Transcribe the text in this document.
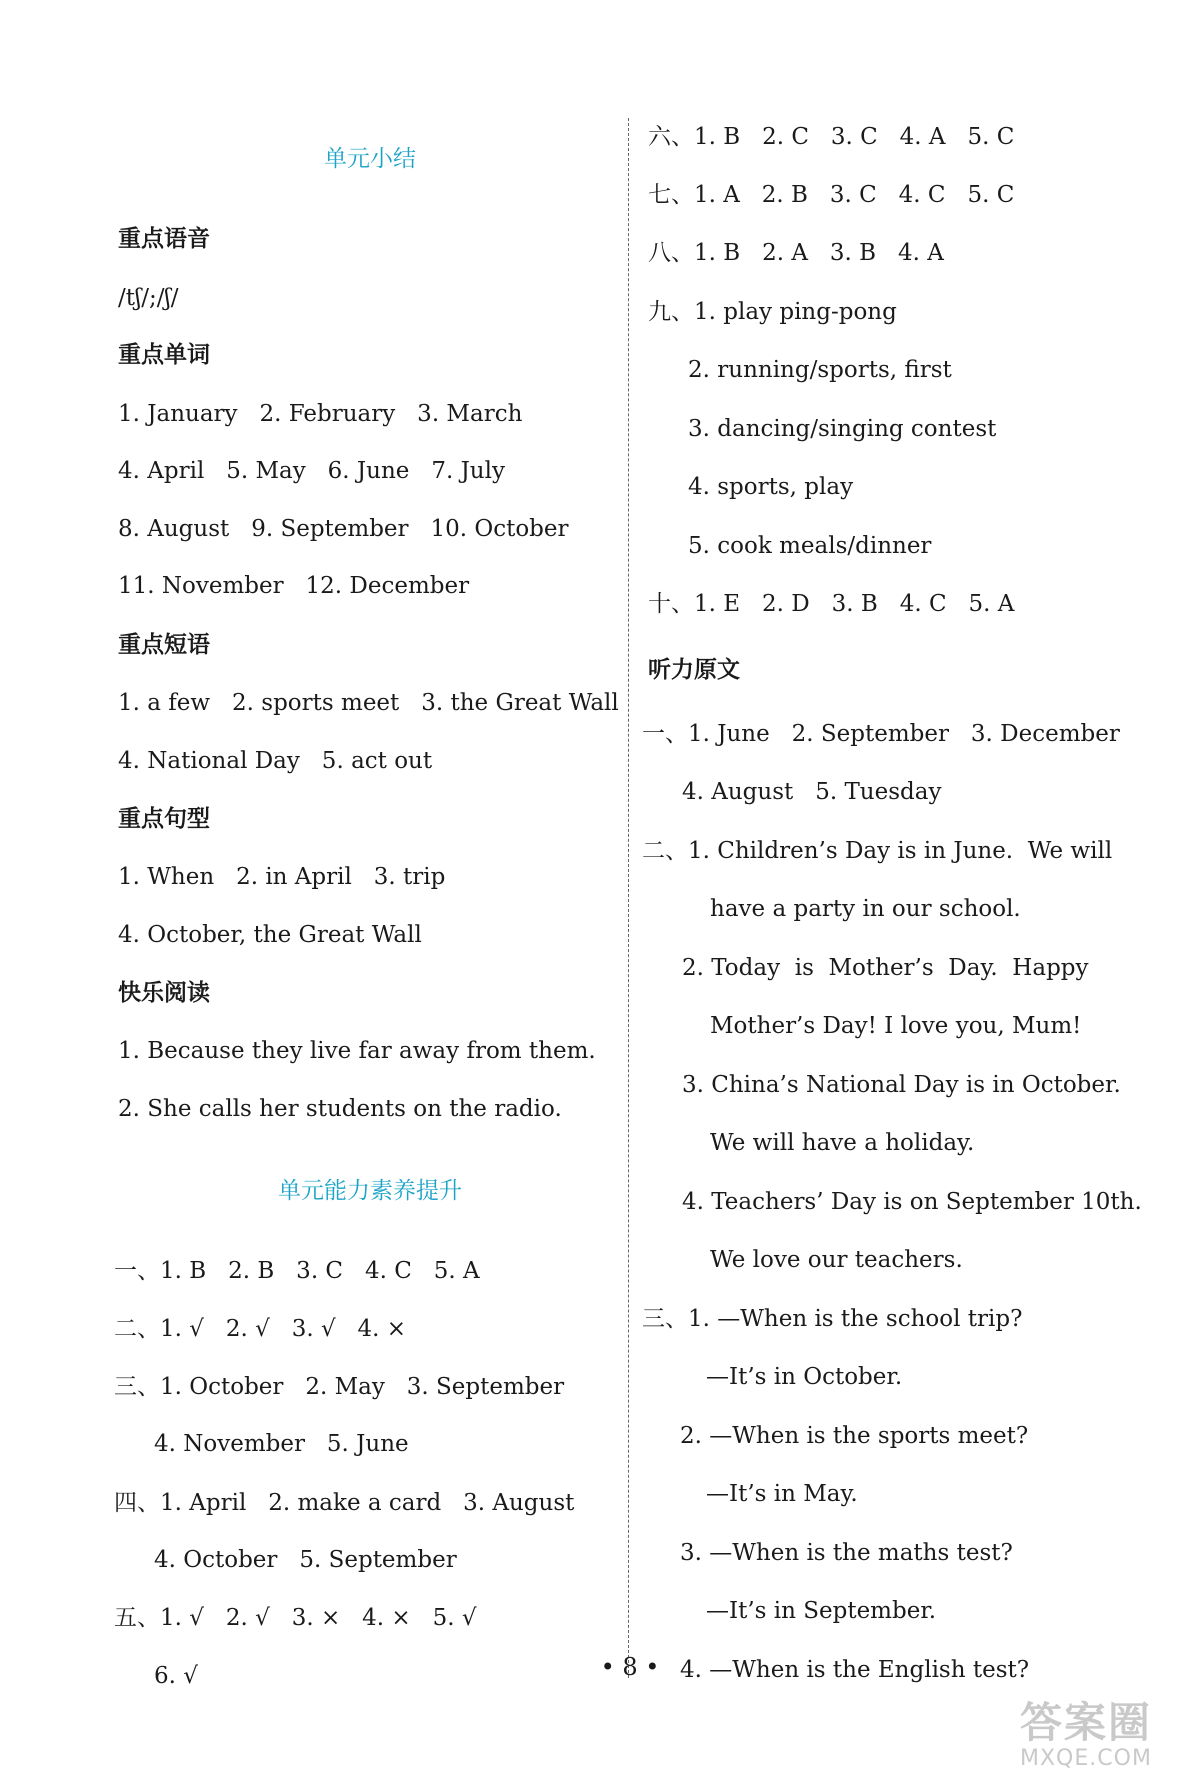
单元小结
重点语音
/tʃ/;/ʃ/
重点单词
1. January   2. February   3. March
4. April   5. May   6. June   7. July
8. August   9. September   10. October
11. November   12. December
重点短语
1. a few   2. sports meet   3. the Great Wall
4. National Day   5. act out
重点句型
1. When   2. in April   3. trip
4. October, the Great Wall
快乐阅读
1. Because they live far away from them.
2. She calls her students on the radio.
单元能力素养提升
一、1. B   2. B   3. C   4. C   5. A
二、1. √   2. √   3. √   4. ×
三、1. October   2. May   3. September
4. November   5. June
四、1. April   2. make a card   3. August
4. October   5. September
五、1. √   2. √   3. ×   4. ×   5. √
6. √
六、1. B   2. C   3. C   4. A   5. C
七、1. A   2. B   3. C   4. C   5. C
八、1. B   2. A   3. B   4. A
九、1. play ping-pong
2. running/sports, first
3. dancing/singing contest
4. sports, play
5. cook meals/dinner
十、1. E   2. D   3. B   4. C   5. A
听力原文
一、1. June   2. September   3. December
4. August   5. Tuesday
二、1. Children’s Day is in June.  We will
have a party in our school.
2. Today  is  Mother’s  Day.  Happy
Mother’s Day! I love you, Mum!
3. China’s National Day is in October.
We will have a holiday.
4. Teachers’ Day is on September 10th.
We love our teachers.
三、1. —When is the school trip?
—It’s in October.
2. —When is the sports meet?
—It’s in May.
3. —When is the maths test?
—It’s in September.
4. —When is the English test?
• 8 •
答案圈
MXQE.COM
